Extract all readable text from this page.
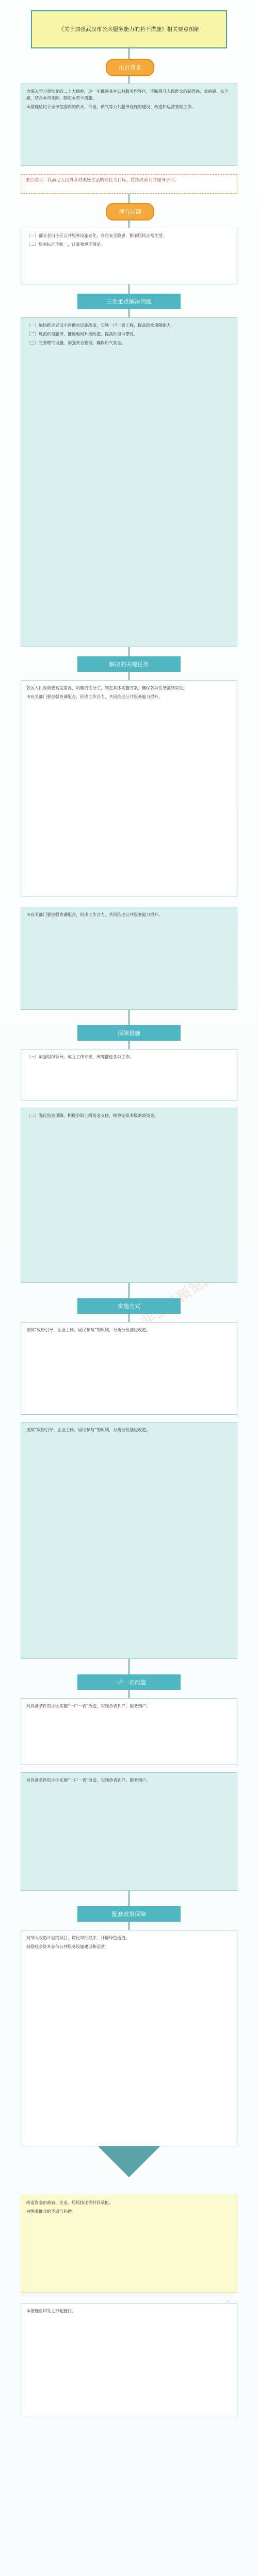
《关于加强武汉市公共服务能力的若干措施》相关要点图解
出台背景

为深入学习贯彻党的二十大精神，进一步推进基本公共服务均等化，不断提升人民群众的获得感、幸福感、安全感，结合本市实际，制定本若干措施。

本措施适用于全市范围内的供水、供电、供气等公共服务设施的建设、改造和运营管理工作。

重点说明：以满足人民群众对美好生活的向往为目标，持续改善公共服务水平。
现有问题

（一）部分老旧小区公共服务设施老化，存在安全隐患，影响居民正常生活。

（二）服务标准不统一，计量收费不规范。

三类重点解决问题

（一）加快推进老旧小区供水设施改造，实施一户一表工程，提高供水保障能力。

（二）规范供电服务，推进电网升级改造，提高供电可靠性。

（三）完善燃气设施，加强安全管理，确保用气安全。

解决的关键任务

各区人民政府要高度重视，明确责任分工，制定具体实施方案，确保各项任务落到实处。

市有关部门要加强协调配合，形成工作合力，共同推进公共服务能力提升。

市有关部门要加强协调配合，形成工作合力，共同推进公共服务能力提升。

保障措施

（一）加强组织领导。成立工作专班，统筹推进各项工作。

（二）强化资金保障。积极争取上级资金支持，统筹安排本级财政资金。

实施方式

按照“政府引导、企业主体、居民参与”的原则，分类分批推进改造。

按照“政府引导、企业主体、居民参与”的原则，分类分批推进改造。

一户一表改造

对具备条件的小区实施“一户一表”改造，实现抄表到户、服务到户。

对具备条件的小区实施“一户一表”改造，实现抄表到户、服务到户。

配套政策保障

对纳入改造计划的项目，简化审批程序，开辟绿色通道。

鼓励社会资本参与公共服务设施建设和运营。

改造资金由政府、企业、居民按比例共同承担。

对困难群众给予适当补助。

本措施自印发之日起施行。
